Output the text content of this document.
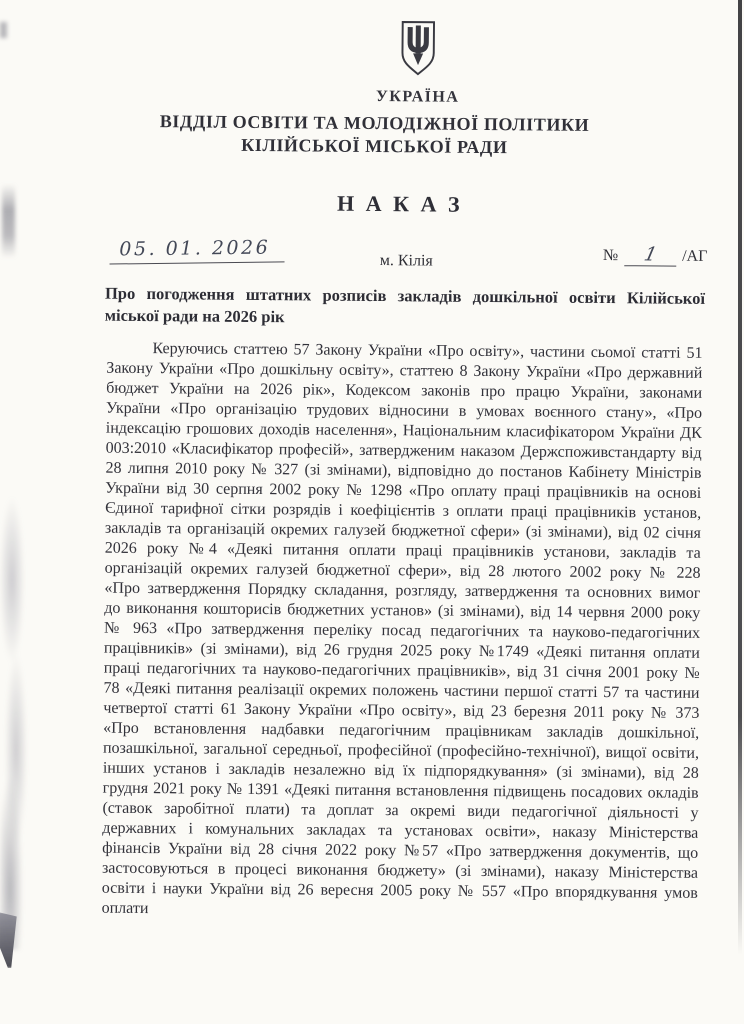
УКРАЇНА
ВІДДІЛ ОСВІТИ ТА МОЛОДІЖНОЇ ПОЛІТИКИ
КІЛІЙСЬКОЇ МІСЬКОЇ РАДИ
Н А К А З
05. 01. 2026
м. Кілія	№ 1 /АГ
Про погодження штатних розписів закладів дошкільної освіти Кілійської міської ради на 2026 рік

Керуючись статтею 57 Закону України «Про освіту», частини сьомої статті 51 Закону України «Про дошкільну освіту», статтею 8 Закону України «Про державний бюджет України на 2026 рік», Кодексом законів про працю України, законами України «Про організацію трудових відносини в умовах воєнного стану», «Про індексацію грошових доходів населення», Національним класифікатором України ДК 003:2010 «Класифікатор професій», затвердженим наказом Держспоживстандарту від 28 липня 2010 року № 327 (зі змінами), відповідно до постанов Кабінету Міністрів України від 30 серпня 2002 року № 1298 «Про оплату праці працівників на основі Єдиної тарифної сітки розрядів і коефіцієнтів з оплати праці працівників установ, закладів та організацій окремих галузей бюджетної сфери» (зі змінами), від 02 січня 2026 року №4 «Деякі питання оплати праці працівників установи, закладів та організацій окремих галузей бюджетної сфери», від 28 лютого 2002 року № 228 «Про затвердження Порядку складання, розгляду, затвердження та основних вимог до виконання кошторисів бюджетних установ» (зі змінами), від 14 червня 2000 року № 963 «Про затвердження переліку посад педагогічних та науково-педагогічних працівників» (зі змінами), від 26 грудня 2025 року №1749 «Деякі питання оплати праці педагогічних та науково-педагогічних працівників», від 31 січня 2001 року № 78 «Деякі питання реалізації окремих положень частини першої статті 57 та частини четвертої статті 61 Закону України «Про освіту», від 23 березня 2011 року № 373 «Про встановлення надбавки педагогічним працівникам закладів дошкільної, позашкільної, загальної середньої, професійної (професійно-технічної), вищої освіти, інших установ і закладів незалежно від їх підпорядкування» (зі змінами), від 28 грудня 2021 року № 1391 «Деякі питання встановлення підвищень посадових окладів (ставок заробітної плати) та доплат за окремі види педагогічної діяльності у державних і комунальних закладах та установах освіти», наказу Міністерства фінансів України від 28 січня 2022 року №57 «Про затвердження документів, що застосовуються в процесі виконання бюджету» (зі змінами), наказу Міністерства освіти і науки України від 26 вересня 2005 року № 557 «Про впорядкування умов оплати
